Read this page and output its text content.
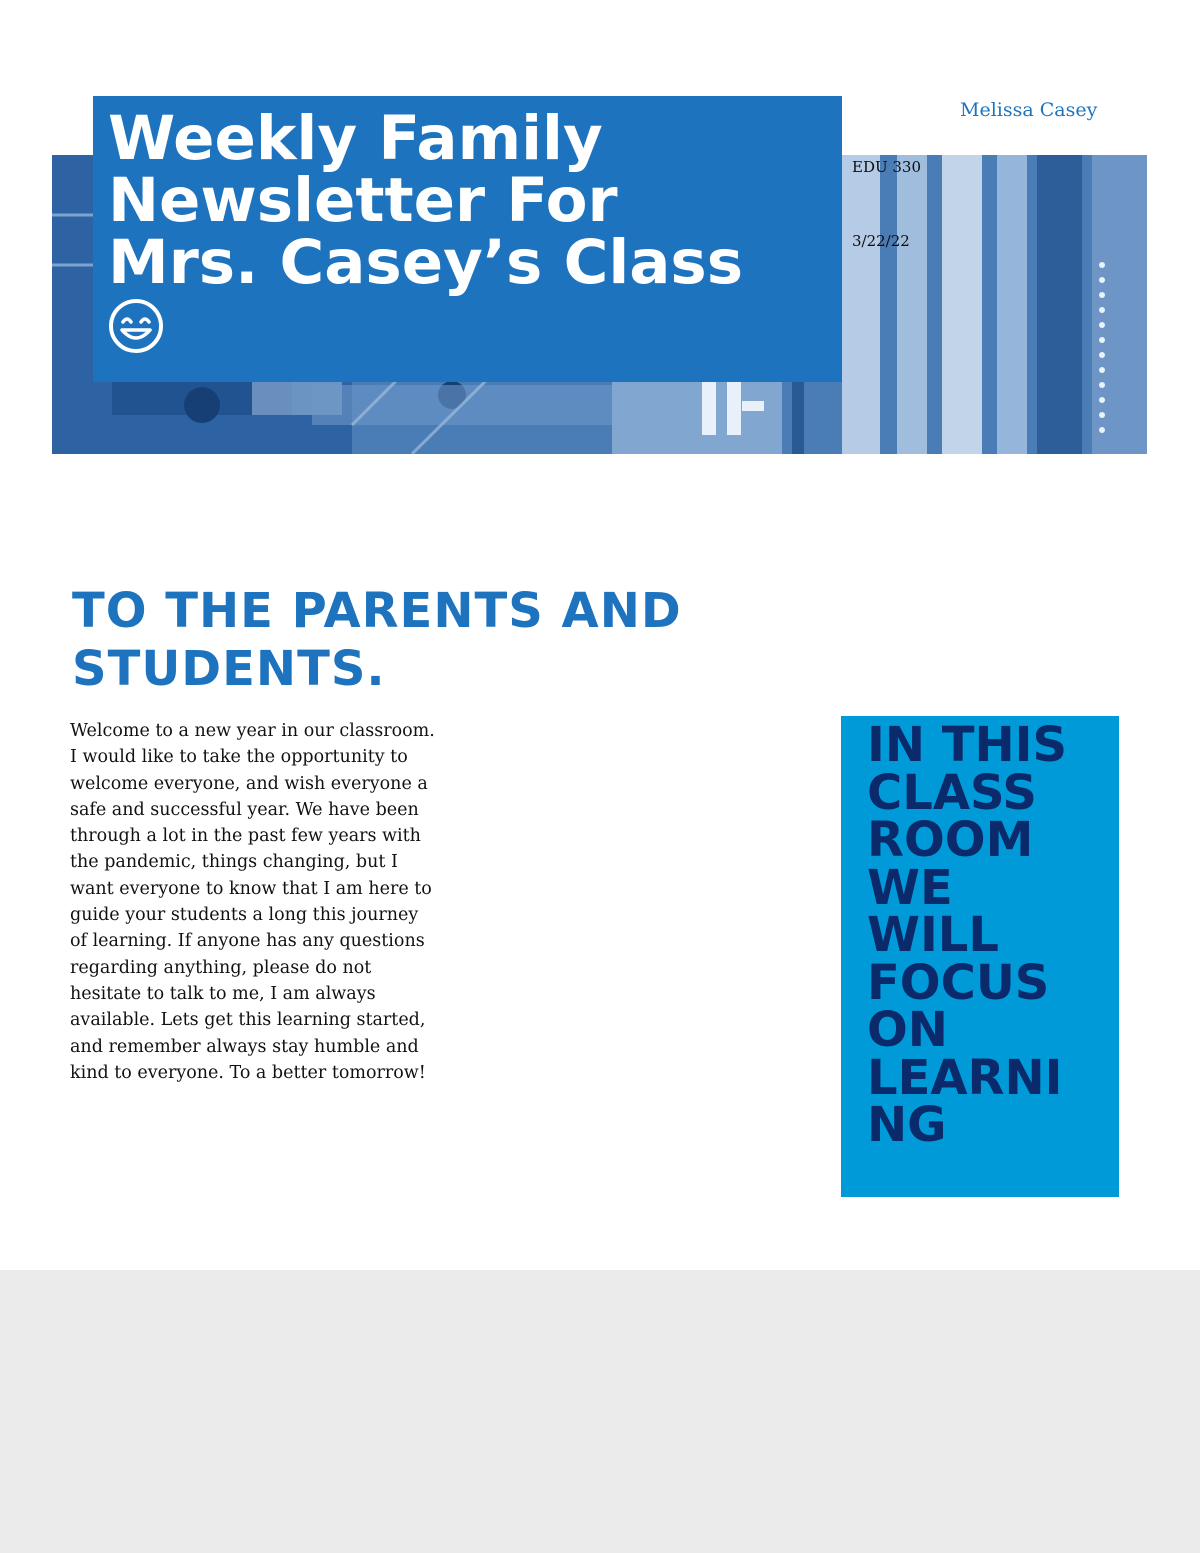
Weekly Family
Newsletter For
Mrs. Casey’s Class
Melissa Casey
EDU 330
3/22/22
TO THE PARENTS AND STUDENTS.

Welcome to a new year in our classroom. I would like to take the opportunity to welcome everyone, and wish everyone a safe and successful year. We have been through a lot in the past few years with the pandemic, things changing, but I want everyone to know that I am here to guide your students a long this journey of learning. If anyone has any questions regarding anything, please do not hesitate to talk to me, I am always available. Lets get this learning started, and remember always stay humble and kind to everyone. To a better tomorrow!

IN THIS
CLASS
ROOM
WE
WILL
FOCUS
ON
LEARNI
NG
